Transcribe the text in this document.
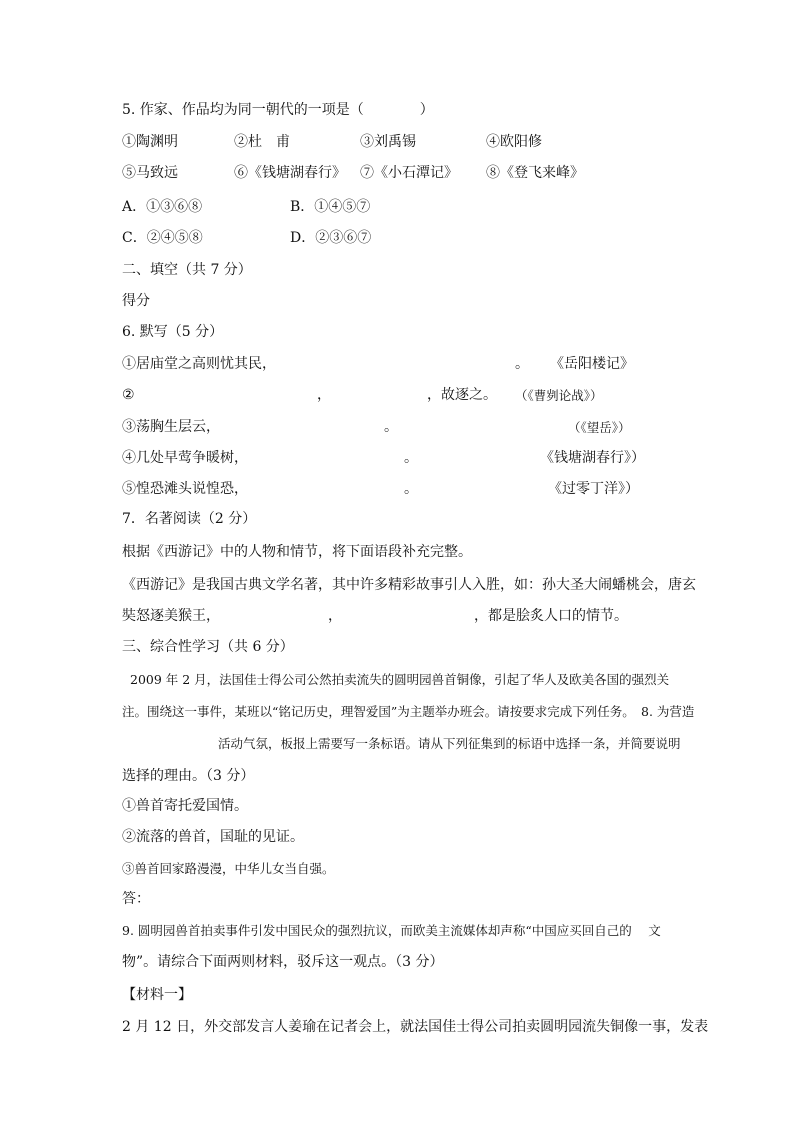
5. 作家、作品均为同一朝代的一项是（　　　　）
①陶渊明	②杜　甫	③刘禹锡	④欧阳修
⑤马致远	⑥《钱塘湖春行》 ⑦《小石潭记》 ⑧《登飞来峰》
A．①③⑥⑧	B．①④⑤⑦
C．②④⑤⑧	D．②③⑥⑦
二、填空（共 7 分）
得分
6. 默写（5 分）
①居庙堂之高则忧其民，	。 《岳阳楼记》
②	，	，故逐之。 （《曹刿论战》）
③荡胸生层云，	。	（《望岳》）
④几处早莺争暖树，	。	《钱塘湖春行》）
⑤惶恐滩头说惶恐，	。	《过零丁洋》）
7．名著阅读（2 分）
根据《西游记》中的人物和情节，将下面语段补充完整。
《西游记》是我国古典文学名著，其中许多精彩故事引人入胜，如：孙大圣大闹蟠桃会，唐玄
奘怒逐美猴王，	，	，都是脍炙人口的情节。
三、综合性学习（共 6 分）
2009 年 2 月，法国佳士得公司公然拍卖流失的圆明园兽首铜像，引起了华人及欧美各国的强烈关
注。围绕这一事件，某班以“铭记历史，理智爱国”为主题举办班会。请按要求完成下列任务。　8. 为营造
活动气氛，板报上需要写一条标语。请从下列征集到的标语中选择一条，并简要说明
选择的理由。（3 分）
①兽首寄托爱国情。
②流落的兽首，国耻的见证。
③兽首回家路漫漫，中华儿女当自强。
答：
9. 圆明园兽首拍卖事件引发中国民众的强烈抗议，而欧美主流媒体却声称“中国应买回自己的　 文
物”。请综合下面两则材料，驳斥这一观点。（3 分）
【材料一】
2 月 12 日，外交部发言人姜瑜在记者会上，就法国佳士得公司拍卖圆明园流失铜像一事，发表
